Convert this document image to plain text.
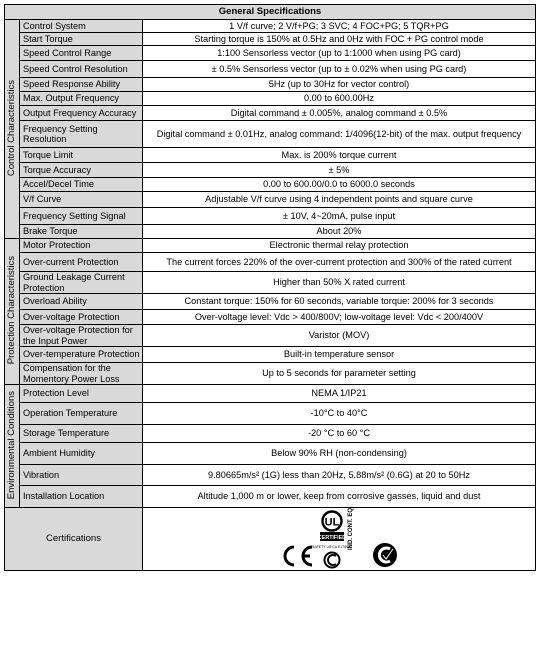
General Specifications		
Control Characteristics	Control System	1 V/f curve; 2 V/f+PG; 3 SVC; 4 FOC+PG; 5 TQR+PG
	Start Torque	Starting torque is 150% at 0.5Hz and 0Hz with FOC + PG control mode
	Speed Control Range	1:100 Sensorless vector (up to 1:1000 when using PG card)
	Speed Control Resolution	± 0.5% Sensorless vector (up to ± 0.02% when using PG card)
	Speed Response Ability	5Hz (up to 30Hz for vector control)
	Max. Output Frequency	0.00 to 600.00Hz
	Output Frequency Accuracy	Digital command ± 0.005%, analog command ± 0.5%
	Frequency Setting Resolution	Digital command ± 0.01Hz, analog command: 1/4096(12-bit) of the max. output frequency
	Torque Limit	Max. is 200% torque current
	Torque Accuracy	± 5%
	Accel/Decel Time	0.00 to 600.00/0.0 to 6000.0 seconds
	V/f Curve	Adjustable V/f curve using 4 independent points and square curve
	Frequency Setting Signal	± 10V, 4~20mA, pulse input
	Brake Torque	About 20%
Protection Characteristics	Motor Protection	Electronic thermal relay protection
	Over-current Protection	The current forces 220% of the over-current protection and 300% of the rated current
	Ground Leakage Current Protection	Higher than 50% X rated current
	Overload Ability	Constant torque: 150% for 60 seconds, variable torque: 200% for 3 seconds
	Over-voltage Protection	Over-voltage level: Vdc > 400/800V; low-voltage level: Vdc < 200/400V
	Over-voltage Protection for the Input Power	Varistor (MOV)
	Over-temperature Protection	Built-in temperature sensor
	Compensation for the Momentory Power Loss	Up to 5 seconds for parameter setting
Environmental Conditions	Protection Level	NEMA 1/IP21
	Operation Temperature	-10°C to 40°C
	Storage Temperature	-20 °C to 60 °C
	Ambient Humidity	Below 90% RH (non-condensing)
	Vibration	9.80665m/s² (1G) less than 20Hz, 5.88m/s² (0.6G) at 20 to 50Hz
	Installation Location	Altitude 1,000 m or lower, keep from corrosive gasses, liquid and dust
Certifications		UL
CERTIFIED
SAFETY US CA E176972
IND. CONT. EQ.
